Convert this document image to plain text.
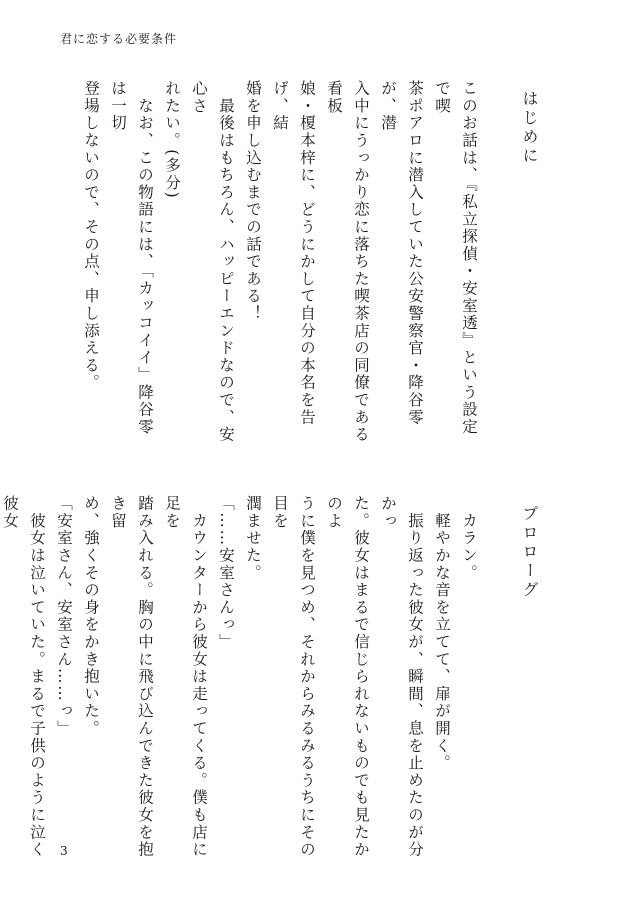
君に恋する必要条件
はじめに

このお話は、『私立探偵・安室透』という設定で喫
茶ポアロに潜入していた公安警察官・降谷零が、潜
入中にうっかり恋に落ちた喫茶店の同僚である看板
娘・榎本梓に、どうにかして自分の本名を告げ、結
婚を申し込むまでの話である！

　最後はもちろん、ハッピーエンドなので、安心さ
れたい。(多分)

　なお、この物語には、「カッコイイ」降谷零は一切
登場しないので、その点、申し添える。

プロローグ

　カラン。

　軽やかな音を立てて、扉が開く。

　振り返った彼女が、瞬間、息を止めたのが分かっ
た。彼女はまるで信じられないものでも見たかのよ
うに僕を見つめ、それからみるみるうちにその目を
潤ませた。

「……安室さんっ」

　カウンターから彼女は走ってくる。僕も店に足を
踏み入れる。胸の中に飛び込んできた彼女を抱き留
め、強くその身をかき抱いた。

「安室さん、安室さん……っ」

　彼女は泣いていた。まるで子供のように泣く彼女

3
